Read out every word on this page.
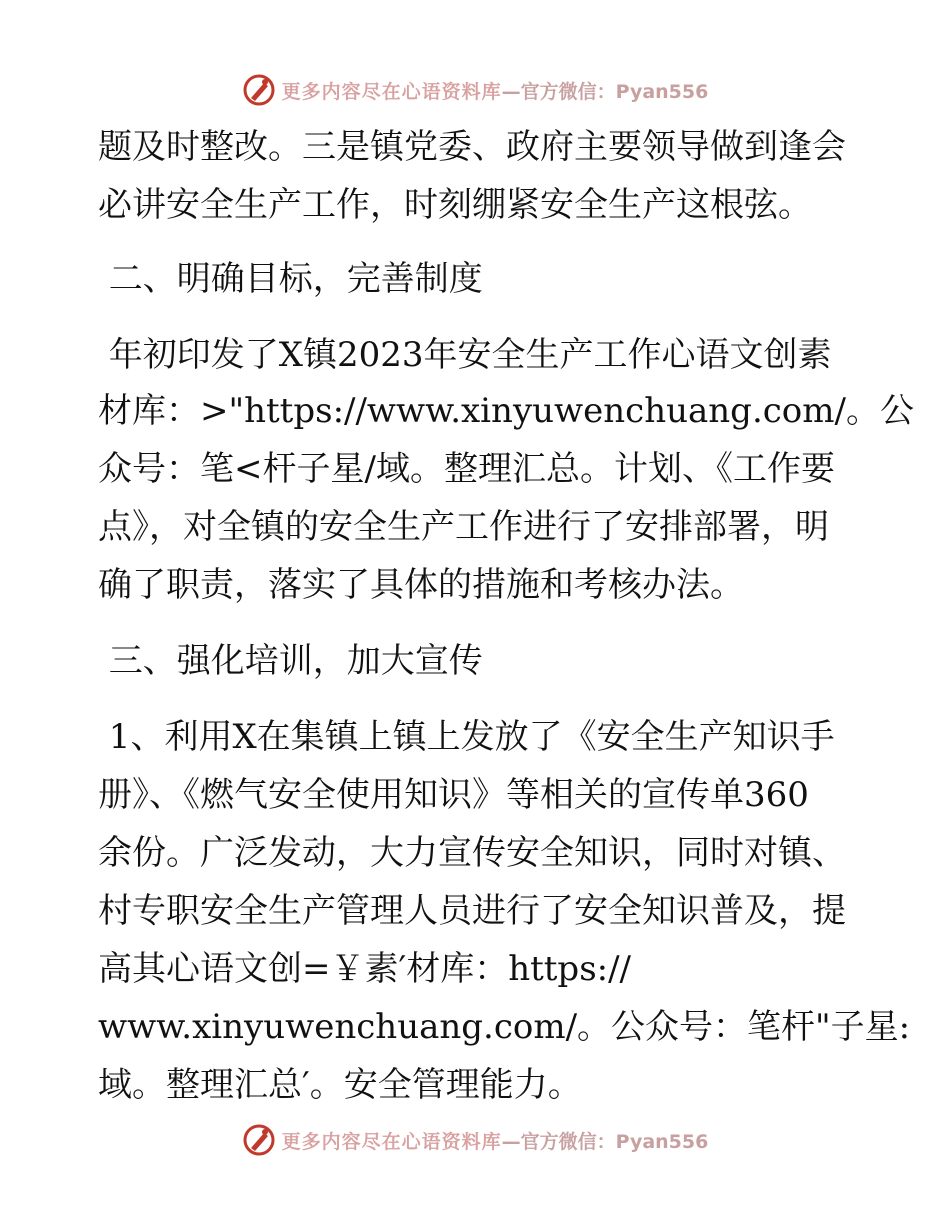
更多内容尽在心语资料库 —官方微信：Pyan556

题及时整改。三是镇党委、政府主要领导做到逢会

必讲安全生产工作，时刻绷紧安全生产这根弦。

二、明确目标，完善制度

年初印发了X镇2023年安全生产工作心语文创素

材库：>"https://www.xinyuwenchuang.com/。公

众号：笔<杆子星/域。整理汇总。计划、《工作要

点》，对全镇的安全生产工作进行了安排部署，明

确了职责，落实了具体的措施和考核办法。

三、强化培训，加大宣传

1、利用X在集镇上镇上发放了《安全生产知识手

册》、《燃气安全使用知识》等相关的宣传单360

余份。广泛发动，大力宣传安全知识，同时对镇、

村专职安全生产管理人员进行了安全知识普及，提

高其心语文创=￥素′材库：https://

www.xinyuwenchuang.com/。公众号：笔杆"子星:

域。整理汇总′。安全管理能力。

更多内容尽在心语资料库 —官方微信：Pyan556
